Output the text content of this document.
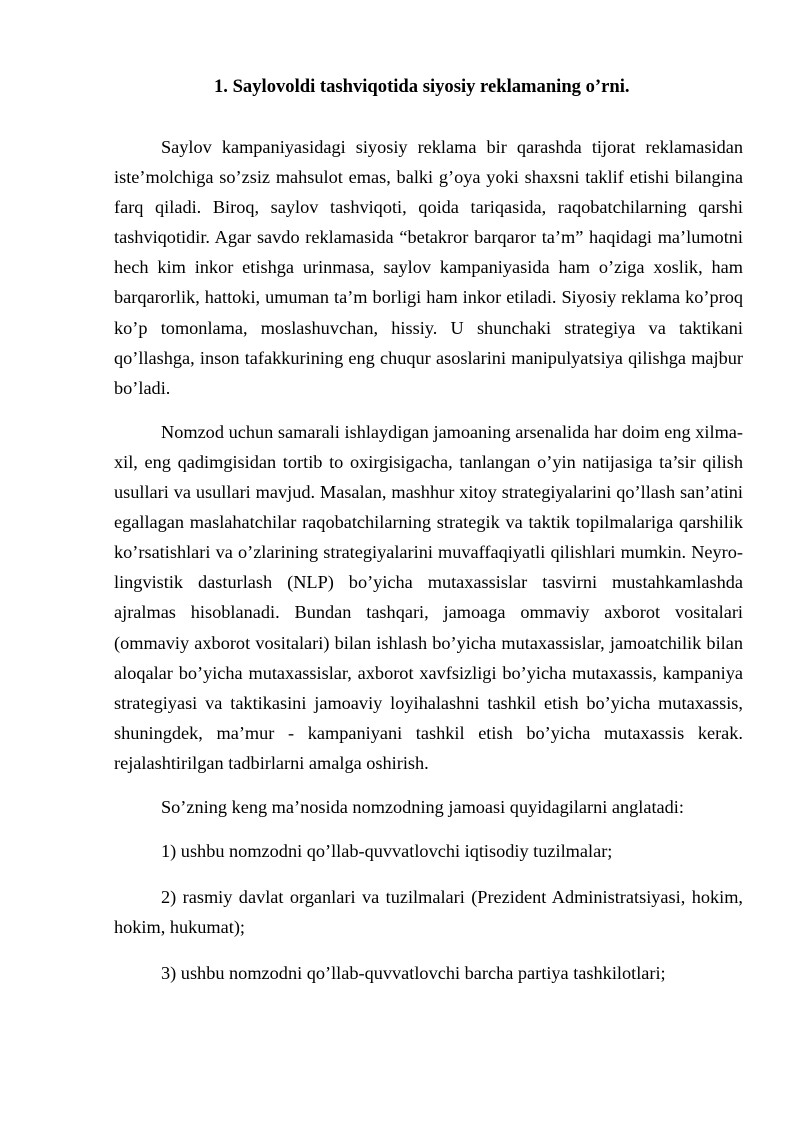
1. Saylovoldi tashviqotida siyosiy reklamaning o’rni.

Saylov kampaniyasidagi siyosiy reklama bir qarashda tijorat reklamasidan iste’molchiga so’zsiz mahsulot emas, balki g’oya yoki shaxsni taklif etishi bilangina farq qiladi. Biroq, saylov tashviqoti, qoida tariqasida, raqobatchilarning qarshi tashviqotidir. Agar savdo reklamasida “betakror barqaror ta’m” haqidagi ma’lumotni hech kim inkor etishga urinmasa, saylov kampaniyasida ham o’ziga xoslik, ham barqarorlik, hattoki, umuman ta’m borligi ham inkor etiladi. Siyosiy reklama ko’proq ko’p tomonlama, moslashuvchan, hissiy. U shunchaki strategiya va taktikani qo’llashga, inson tafakkurining eng chuqur asoslarini manipulyatsiya qilishga majbur bo’ladi.

Nomzod uchun samarali ishlaydigan jamoaning arsenalida har doim eng xilma-xil, eng qadimgisidan tortib to oxirgisigacha, tanlangan o’yin natijasiga ta’sir qilish usullari va usullari mavjud. Masalan, mashhur xitoy strategiyalarini qo’llash san’atini egallagan maslahatchilar raqobatchilarning strategik va taktik topilmalariga qarshilik ko’rsatishlari va o’zlarining strategiyalarini muvaffaqiyatli qilishlari mumkin. Neyro-lingvistik dasturlash (NLP) bo’yicha mutaxassislar tasvirni mustahkamlashda ajralmas hisoblanadi. Bundan tashqari, jamoaga ommaviy axborot vositalari (ommaviy axborot vositalari) bilan ishlash bo’yicha mutaxassislar, jamoatchilik bilan aloqalar bo’yicha mutaxassislar, axborot xavfsizligi bo’yicha mutaxassis, kampaniya strategiyasi va taktikasini jamoaviy loyihalashni tashkil etish bo’yicha mutaxassis, shuningdek, ma’mur - kampaniyani tashkil etish bo’yicha mutaxassis kerak. rejalashtirilgan tadbirlarni amalga oshirish.

So’zning keng ma’nosida nomzodning jamoasi quyidagilarni anglatadi:

1) ushbu nomzodni qo’llab-quvvatlovchi iqtisodiy tuzilmalar;

2) rasmiy davlat organlari va tuzilmalari (Prezident Administratsiyasi, hokim, hokim, hukumat);

3) ushbu nomzodni qo’llab-quvvatlovchi barcha partiya tashkilotlari;
